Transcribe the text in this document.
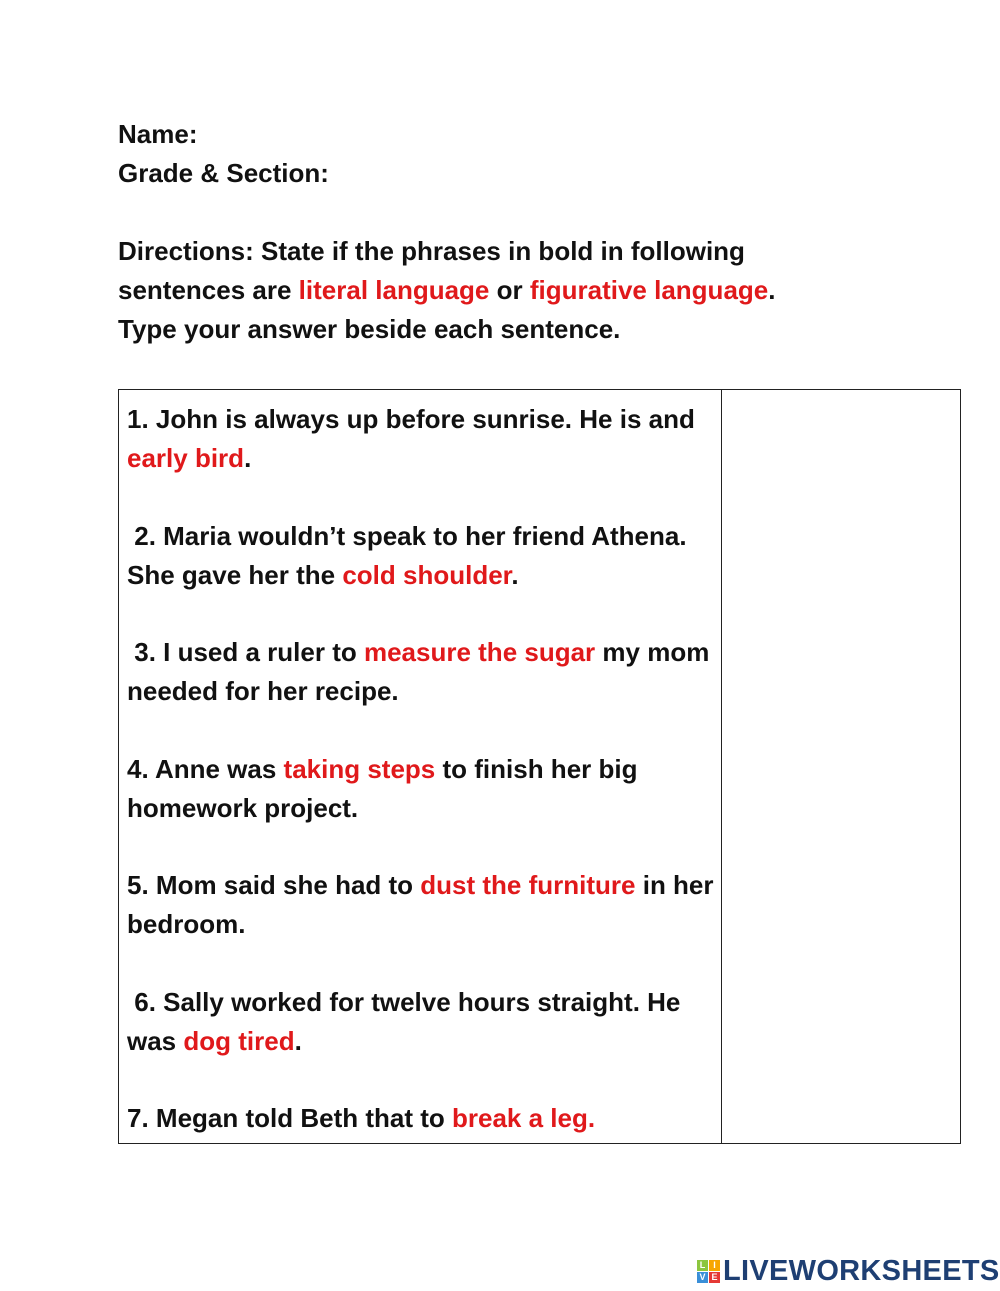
Name:
Grade & Section:
Directions: State if the phrases in bold in following sentences are literal language or figurative language.
Type your answer beside each sentence.
1. John is always up before sunrise. He is and early bird.
2. Maria wouldn’t speak to her friend Athena. She gave her the cold shoulder.
3. I used a ruler to measure the sugar my mom needed for her recipe.
4. Anne was taking steps to finish her big homework project.
5. Mom said she had to dust the furniture in her bedroom.
6. Sally worked for twelve hours straight. He was dog tired.
7. Megan told Beth that to break a leg.
L I
V E LIVEWORKSHEETS
